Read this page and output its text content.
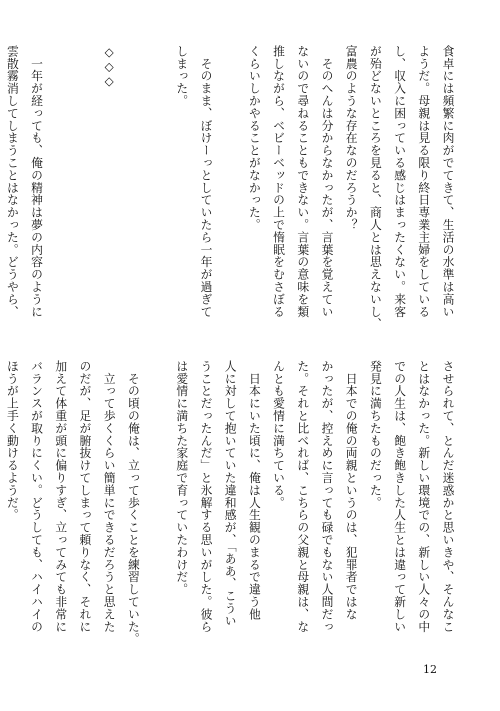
食卓には頻繁に肉がでてきて、生活の水準は高い
ようだ。母親は見る限り終日専業主婦をしている
し、収入に困っている感じはまったくない。来客
が殆どないところを見ると、商人とは思えないし、
富農のような存在なのだろうか？
　そのへんは分からなかったが、言葉を覚えてい
ないので尋ねることもできない。言葉の意味を類
推しながら、ベビーベッドの上で惰眠をむさぼる
くらいしかやることがなかった。

　そのまま、ぼけーっとしていたら一年が過ぎて
しまった。

◇◇◇

　一年が経っても、俺の精神は夢の内容のように
雲散霧消してしまうことはなかった。どうやら、
させられて、とんだ迷惑かと思いきや、そんなこ
とはなかった。新しい環境での、新しい人々の中
での人生は、飽き飽きした人生とは違って新しい
発見に満ちたものだった。
　日本での俺の両親というのは、犯罪者ではな
かったが、控えめに言っても碌でもない人間だっ
た。それと比べれば、こちらの父親と母親は、な
んとも愛情に満ちている。
　日本にいた頃に、俺は人生観のまるで違う他
人に対して抱いていた違和感が、「ああ、こうい
うことだったんだ」と氷解する思いがした。彼ら
は愛情に満ちた家庭で育っていたわけだ。

　その頃の俺は、立って歩くことを練習していた。
　立って歩くくらい簡単にできるだろうと思えた
のだが、足が腑抜けてしまって頼りなく、それに
加えて体重が頭に偏りすぎ、立ってみても非常に
バランスが取りにくい。どうしても、ハイハイの
ほうが上手く動けるようだ。
12
